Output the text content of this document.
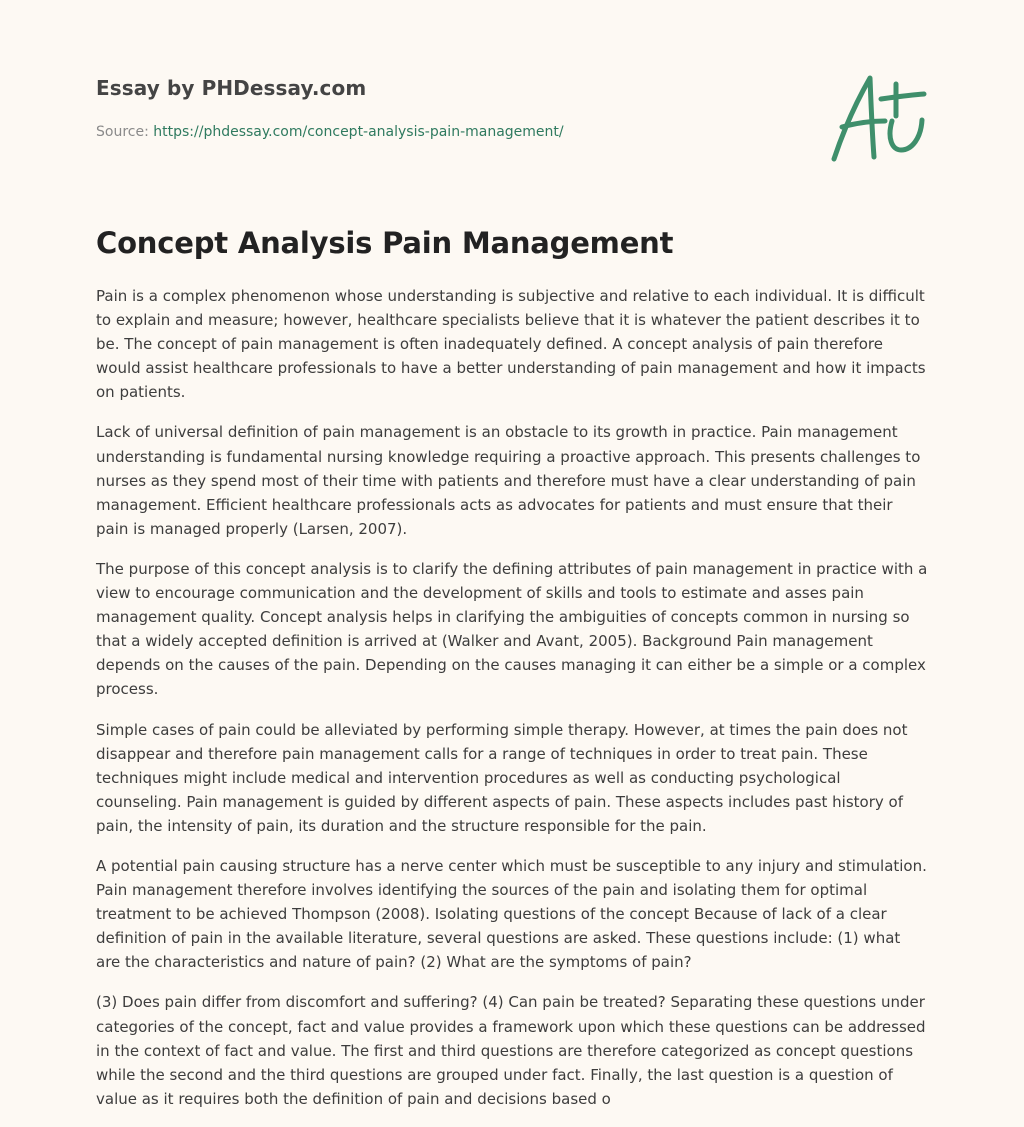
Essay by PHDessay.com
Source: https://phdessay.com/concept-analysis-pain-management/
Concept Analysis Pain Management

Pain is a complex phenomenon whose understanding is subjective and relative to each individual. It is difficult to explain and measure; however, healthcare specialists believe that it is whatever the patient describes it to be. The concept of pain management is often inadequately defined. A concept analysis of pain therefore would assist healthcare professionals to have a better understanding of pain management and how it impacts on patients.

Lack of universal definition of pain management is an obstacle to its growth in practice. Pain management understanding is fundamental nursing knowledge requiring a proactive approach. This presents challenges to nurses as they spend most of their time with patients and therefore must have a clear understanding of pain management. Efficient healthcare professionals acts as advocates for patients and must ensure that their pain is managed properly (Larsen, 2007).

The purpose of this concept analysis is to clarify the defining attributes of pain management in practice with a view to encourage communication and the development of skills and tools to estimate and asses pain management quality. Concept analysis helps in clarifying the ambiguities of concepts common in nursing so that a widely accepted definition is arrived at (Walker and Avant, 2005). Background Pain management depends on the causes of the pain. Depending on the causes managing it can either be a simple or a complex process.

Simple cases of pain could be alleviated by performing simple therapy. However, at times the pain does not disappear and therefore pain management calls for a range of techniques in order to treat pain. These techniques might include medical and intervention procedures as well as conducting psychological counseling. Pain management is guided by different aspects of pain. These aspects includes past history of pain, the intensity of pain, its duration and the structure responsible for the pain.

A potential pain causing structure has a nerve center which must be susceptible to any injury and stimulation. Pain management therefore involves identifying the sources of the pain and isolating them for optimal treatment to be achieved Thompson (2008). Isolating questions of the concept Because of lack of a clear definition of pain in the available literature, several questions are asked. These questions include: (1) what are the characteristics and nature of pain? (2) What are the symptoms of pain?

(3) Does pain differ from discomfort and suffering? (4) Can pain be treated? Separating these questions under categories of the concept, fact and value provides a framework upon which these questions can be addressed in the context of fact and value. The first and third questions are therefore categorized as concept questions while the second and the third questions are grouped under fact. Finally, the last question is a question of value as it requires both the definition of pain and decisions based o
